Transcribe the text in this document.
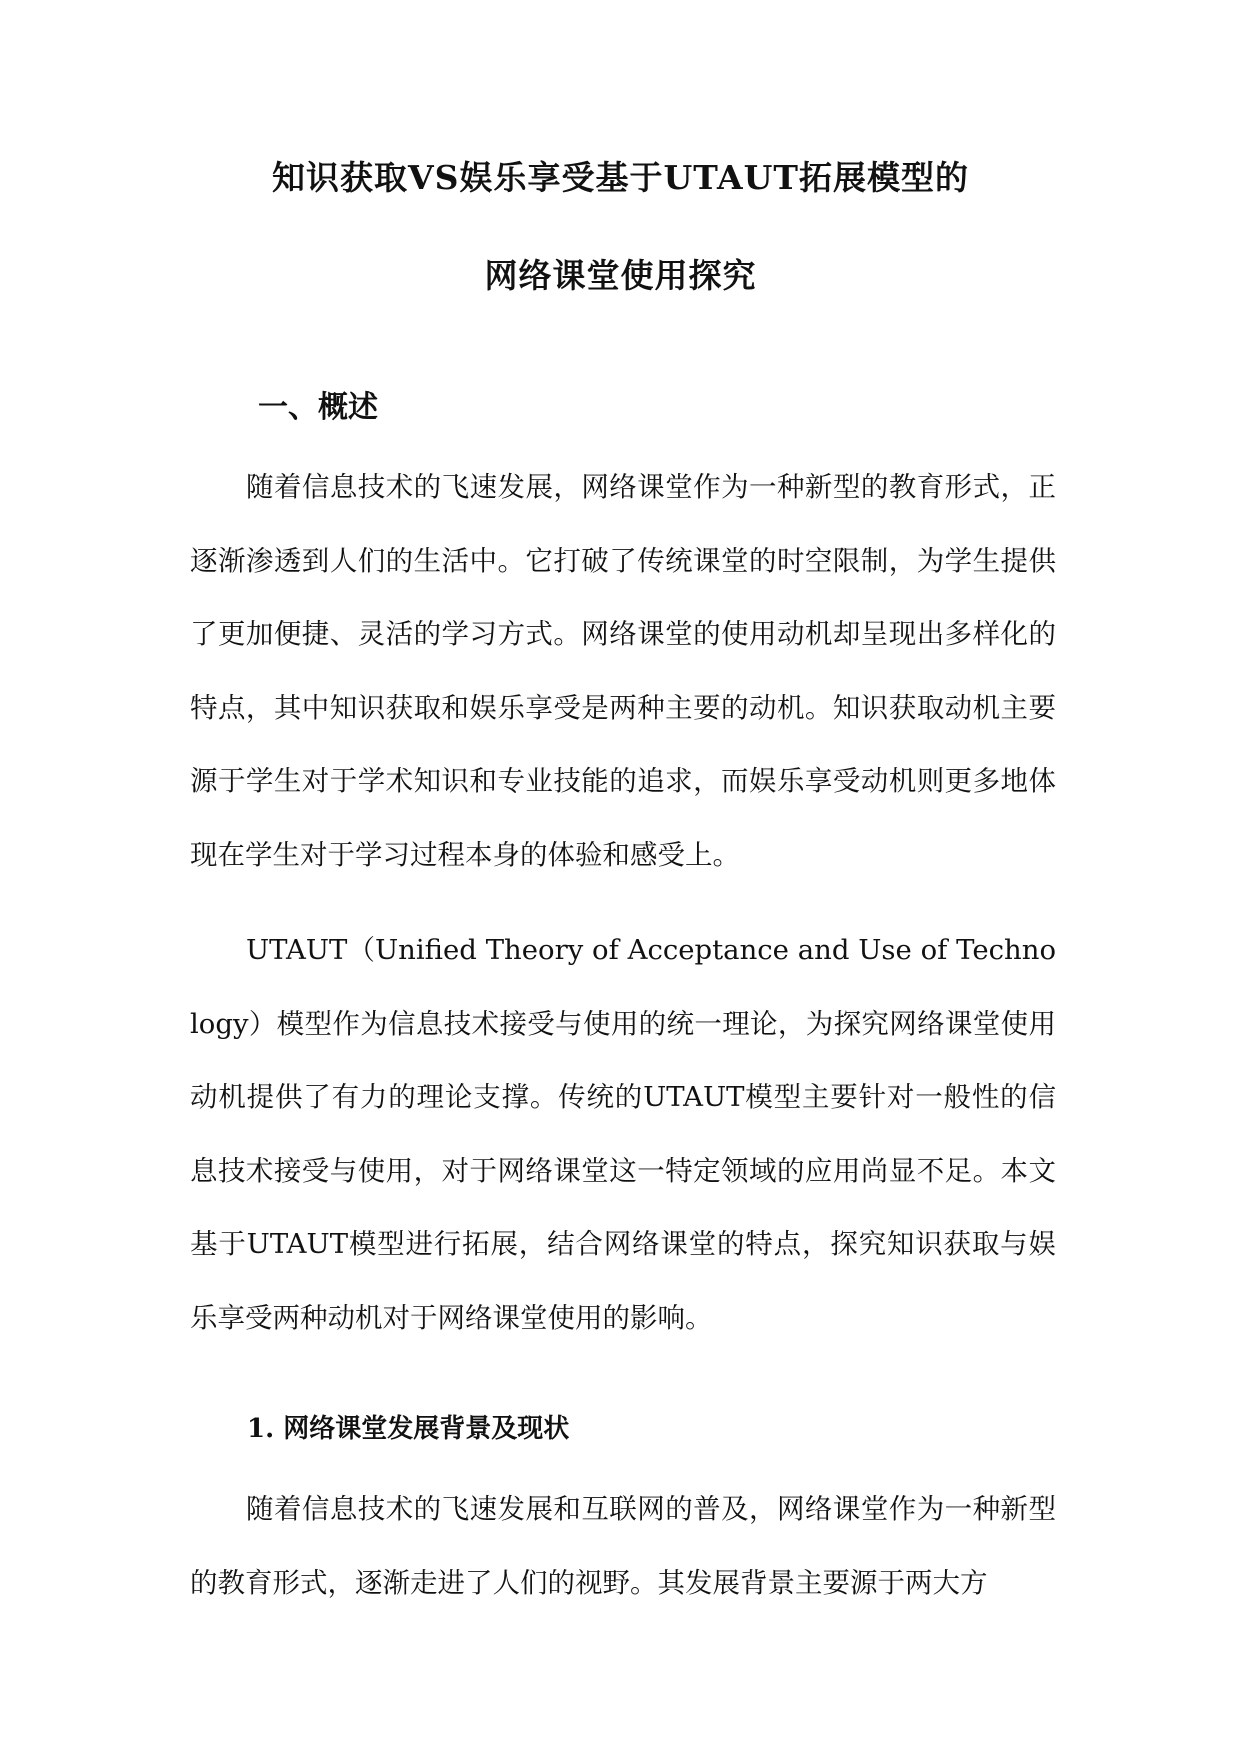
知识获取VS娱乐享受基于UTAUT拓展模型的
网络课堂使用探究
一、概述

随着信息技术的飞速发展，网络课堂作为一种新型的教育形式，正逐渐渗透到人们的生活中。它打破了传统课堂的时空限制，为学生提供了更加便捷、灵活的学习方式。网络课堂的使用动机却呈现出多样化的特点，其中知识获取和娱乐享受是两种主要的动机。知识获取动机主要源于学生对于学术知识和专业技能的追求，而娱乐享受动机则更多地体现在学生对于学习过程本身的体验和感受上。

UTAUT（Unified Theory of Acceptance and Use of Technology）模型作为信息技术接受与使用的统一理论，为探究网络课堂使用动机提供了有力的理论支撑。传统的UTAUT模型主要针对一般性的信息技术接受与使用，对于网络课堂这一特定领域的应用尚显不足。本文基于UTAUT模型进行拓展，结合网络课堂的特点，探究知识获取与娱乐享受两种动机对于网络课堂使用的影响。

1. 网络课堂发展背景及现状

随着信息技术的飞速发展和互联网的普及，网络课堂作为一种新型的教育形式，逐渐走进了人们的视野。其发展背景主要源于两大方
